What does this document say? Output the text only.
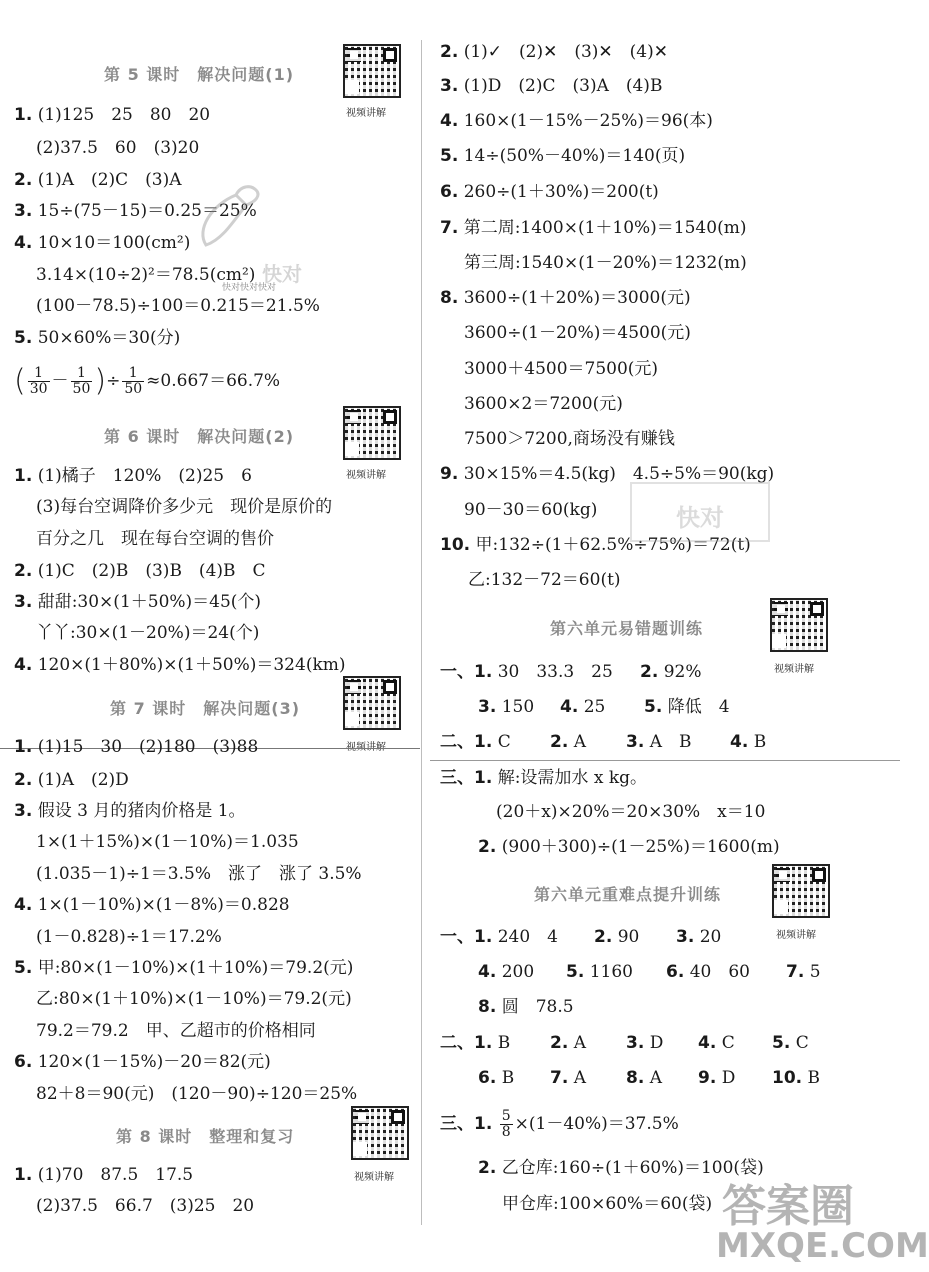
第 5 课时　解决问题(1)
视频讲解
1. (1)125　25　80　20
(2)37.5　60　(3)20
2. (1)A　(2)C　(3)A
3. 15÷(75－15)＝0.25＝25%
4. 10×10＝100(cm²)
3.14×(10÷2)²＝78.5(cm²)
(100－78.5)÷100＝0.215＝21.5%
5. 50×60%＝30(分)
( $\frac{1}{30} - \frac{1}{50}$ )÷ $\frac{1}{50} \approx 0.667=66.7\%$
第 6 课时　解决问题(2)
视频讲解
1. (1)橘子　120%　(2)25　6
(3)每台空调降价多少元　现价是原价的
百分之几　现在每台空调的售价
2. (1)C　(2)B　(3)B　(4)B　C
3. 甜甜:30×(1＋50%)＝45(个)
丫丫:30×(1－20%)＝24(个)
4. 120×(1＋80%)×(1＋50%)＝324(km)
第 7 课时　解决问题(3)
1. (1)15　30　(2)180　(3)88
2. (1)A　(2)D
3. 假设 3 月的猪肉价格是 1。
1×(1＋15%)×(1－10%)＝1.035
(1.035－1)÷1＝3.5%　涨了　涨了 3.5%
4. 1×(1－10%)×(1－8%)＝0.828
(1－0.828)÷1＝17.2%
5. 甲:80×(1－10%)×(1＋10%)＝79.2(元)
乙:80×(1＋10%)×(1－10%)＝79.2(元)
79.2＝79.2　甲、乙超市的价格相同
6. 120×(1－15%)－20＝82(元)
82＋8＝90(元)　(120－90)÷120＝25%
第 8 课时　整理和复习
视频讲解
1. (1)70　87.5　17.5
(2)37.5　66.7　(3)25　20
2. (1)✓　(2)✕　(3)✕　(4)✕
3. (1)D　(2)C　(3)A　(4)B
4. 160×(1－15%－25%)＝96(本)
5. 14÷(50%－40%)＝140(页)
6. 260÷(1＋30%)＝200(t)
7. 第二周:1400×(1＋10%)＝1540(m)
第三周:1540×(1－20%)＝1232(m)
8. 3600÷(1＋20%)＝3000(元)
3600÷(1－20%)＝4500(元)
3000＋4500＝7500(元)
3600×2＝7200(元)
7500＞7200,商场没有赚钱
9. 30×15%＝4.5(kg)　4.5÷5%＝90(kg)
90－30＝60(kg)
10. 甲:132÷(1＋62.5%÷75%)＝72(t)
乙:132－72＝60(t)
第六单元易错题训练
视频讲解
一、1. 30　33.3　25 2. 92%
3. 150 4. 25 5. 降低　4
二、1. C 2. A 3. A　B 4. B
三、1. 解:设需加水 x kg。
(20＋x)×20%＝20×30%　x＝10
2. (900＋300)÷(1－25%)＝1600(m)
第六单元重难点提升训练
视频讲解
一、1. 240　4 2. 90 3. 20
4. 200 5. 1160 6. 40　60 7. 5
8. 圆　78.5
二、1. B 2. A 3. D 4. C 5. C
6. B 7. A 8. A 9. D 10. B
三、1. $\frac{5}{8} \times(1-40\%)=37.5\%$
2. 乙仓库:160÷(1＋60%)＝100(袋)
甲仓库:100×60%＝60(袋)
快对
快对快对快对
快对
答案圈
MXQE.COM
